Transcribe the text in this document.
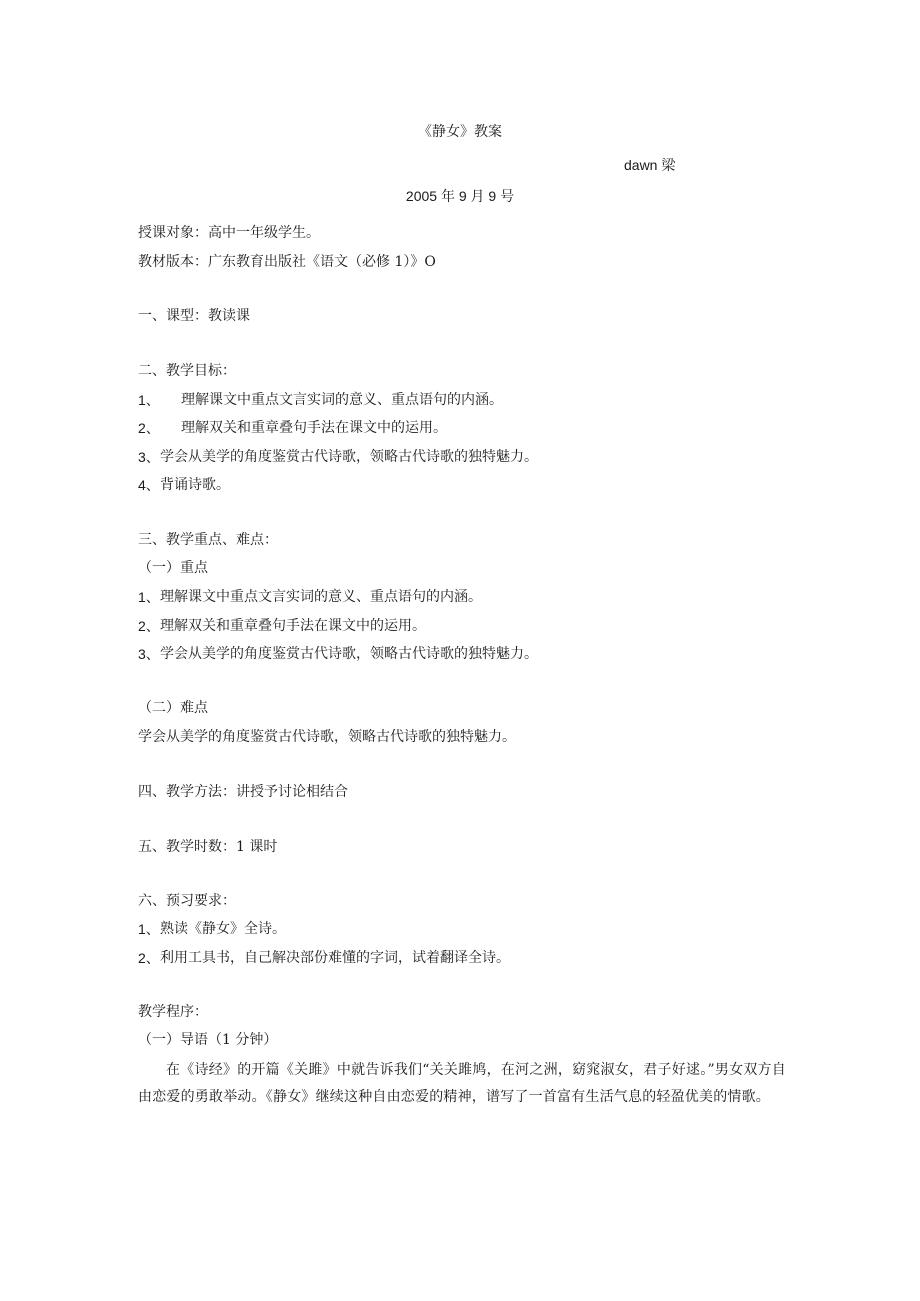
《静女》教案
dawn 梁
2005 年 9 月 9 号
授课对象：高中一年级学生。
教材版本：广东教育出版社《语文（必修 1）》O
一、课型：教读课
二、教学目标：
1、 理解课文中重点文言实词的意义、重点语句的内涵。
2、 理解双关和重章叠句手法在课文中的运用。
3、 学会从美学的角度鉴赏古代诗歌，领略古代诗歌的独特魅力。
4、 背诵诗歌。
三、教学重点、难点：
（一）重点
1、 理解课文中重点文言实词的意义、重点语句的内涵。
2、 理解双关和重章叠句手法在课文中的运用。
3、 学会从美学的角度鉴赏古代诗歌，领略古代诗歌的独特魅力。
（二）难点
学会从美学的角度鉴赏古代诗歌，领略古代诗歌的独特魅力。
四、教学方法：讲授予讨论相结合
五、教学时数：1 课时
六、预习要求：
1、 熟读《静女》全诗。
2、 利用工具书，自己解决部份难懂的字词，试着翻译全诗。
教学程序：
（一）导语（1 分钟）
在《诗经》的开篇《关雎》中就告诉我们“关关雎鸠，在河之洲，窈窕淑女，君子好逑。”男女双方自由恋爱的勇敢举动。《静女》继续这种自由恋爱的精神，谱写了一首富有生活气息的轻盈优美的情歌。
